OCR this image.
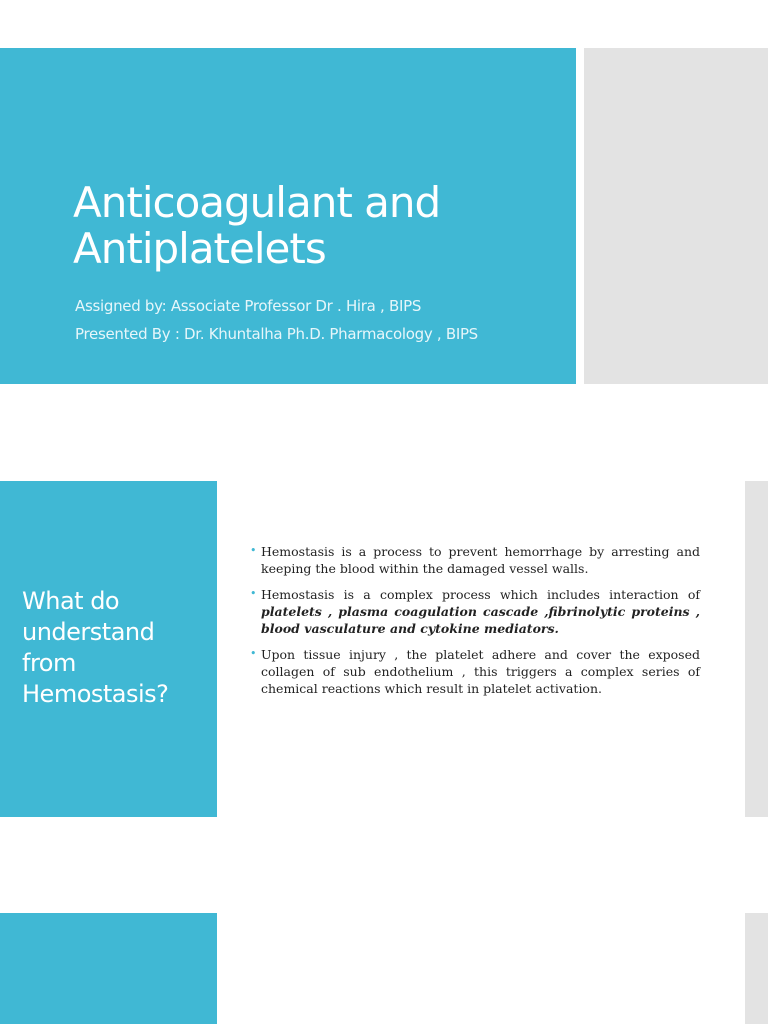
Anticoagulant and
Antiplatelets
Assigned by: Associate Professor Dr . Hira , BIPS
Presented By : Dr. Khuntalha Ph.D. Pharmacology , BIPS
What do
understand
from
Hemostasis?
• Hemostasis is a process to prevent hemorrhage by arresting and keeping the blood within the damaged vessel walls.
• Hemostasis is a complex process which includes interaction of platelets , plasma coagulation cascade ,fibrinolytic proteins , blood vasculature and cytokine mediators.
• Upon tissue injury , the platelet adhere and cover the exposed collagen of sub endothelium , this triggers a complex series of chemical reactions which result in platelet activation.
